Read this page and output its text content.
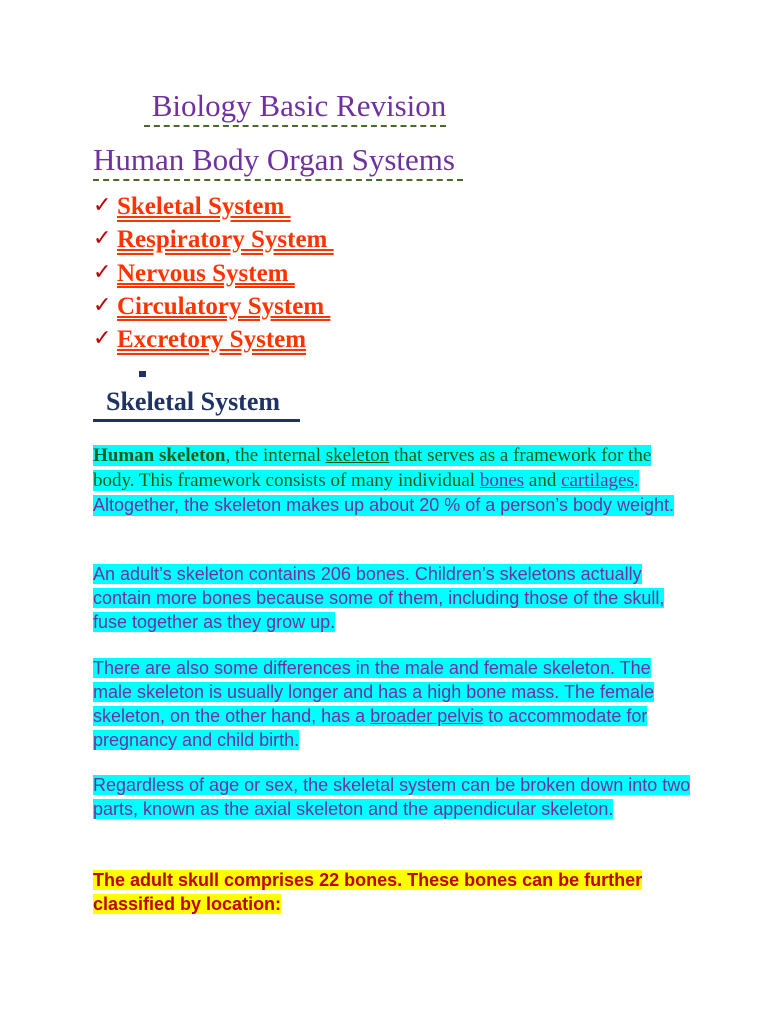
Biology Basic Revision
Human Body Organ Systems
✓ Skeletal System
✓ Respiratory System
✓ Nervous System
✓ Circulatory System
✓ Excretory System
Skeletal System

Human skeleton, the internal skeleton that serves as a framework for the body. This framework consists of many individual bones and cartilages. Altogether, the skeleton makes up about 20 % of a person’s body weight.

An adult’s skeleton contains 206 bones. Children’s skeletons actually contain more bones because some of them, including those of the skull, fuse together as they grow up.

There are also some differences in the male and female skeleton. The male skeleton is usually longer and has a high bone mass. The female skeleton, on the other hand, has a broader pelvis to accommodate for pregnancy and child birth.

Regardless of age or sex, the skeletal system can be broken down into two parts, known as the axial skeleton and the appendicular skeleton.

The adult skull comprises 22 bones. These bones can be further classified by location:
